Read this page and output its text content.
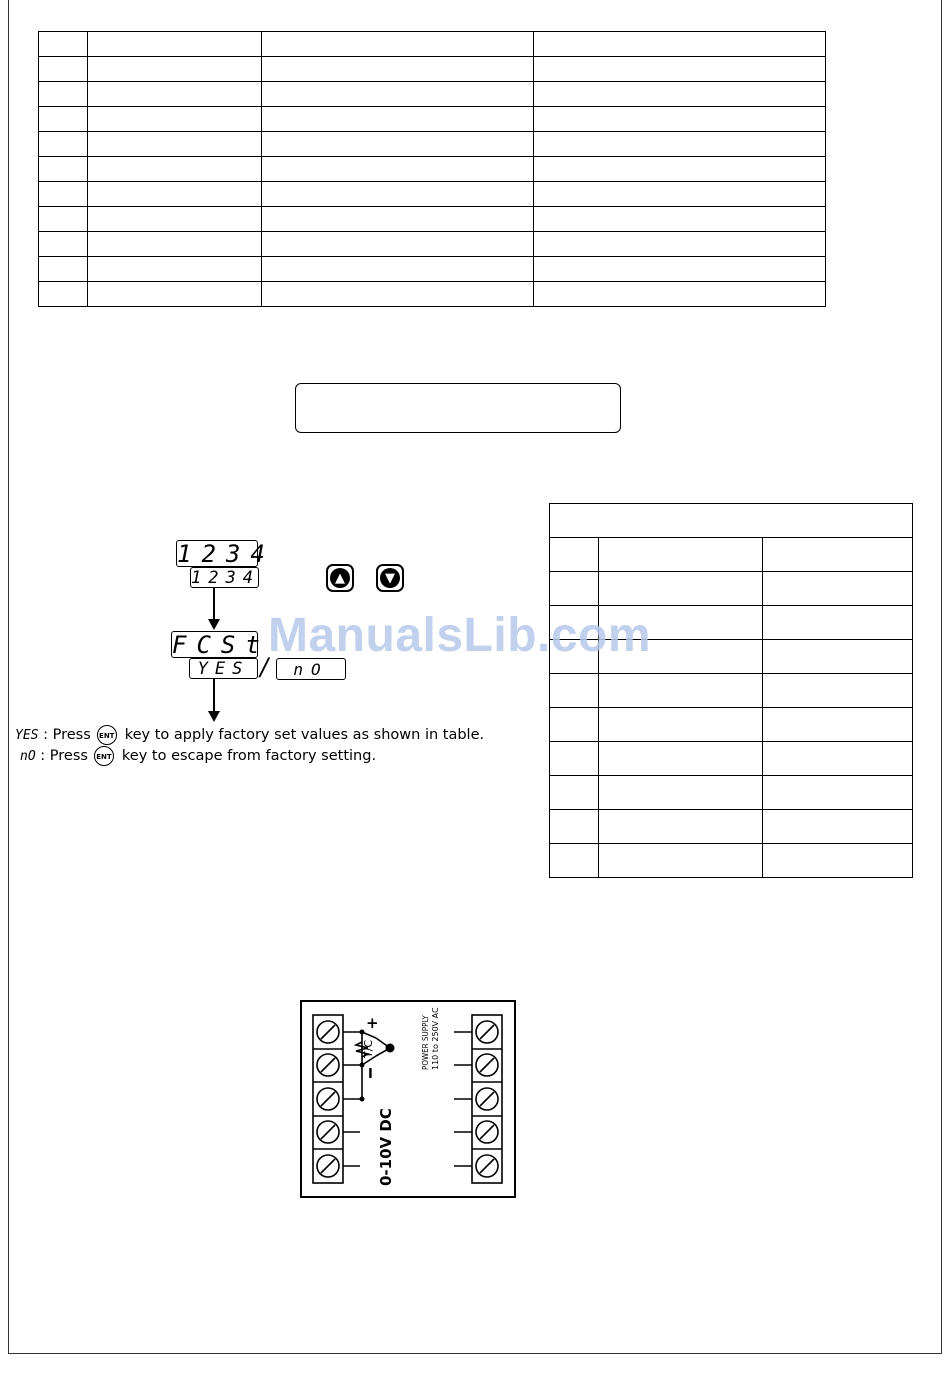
1234
1234	▲	▼
FCSt
YES / nO
YES : Press ENT key to apply factory set values as shown in table.
nO : Press ENT key to escape from factory setting.
ManualsLib.com
+
I
T/C
0-10V DC
POWER SUPPLY 110 to 250V AC
